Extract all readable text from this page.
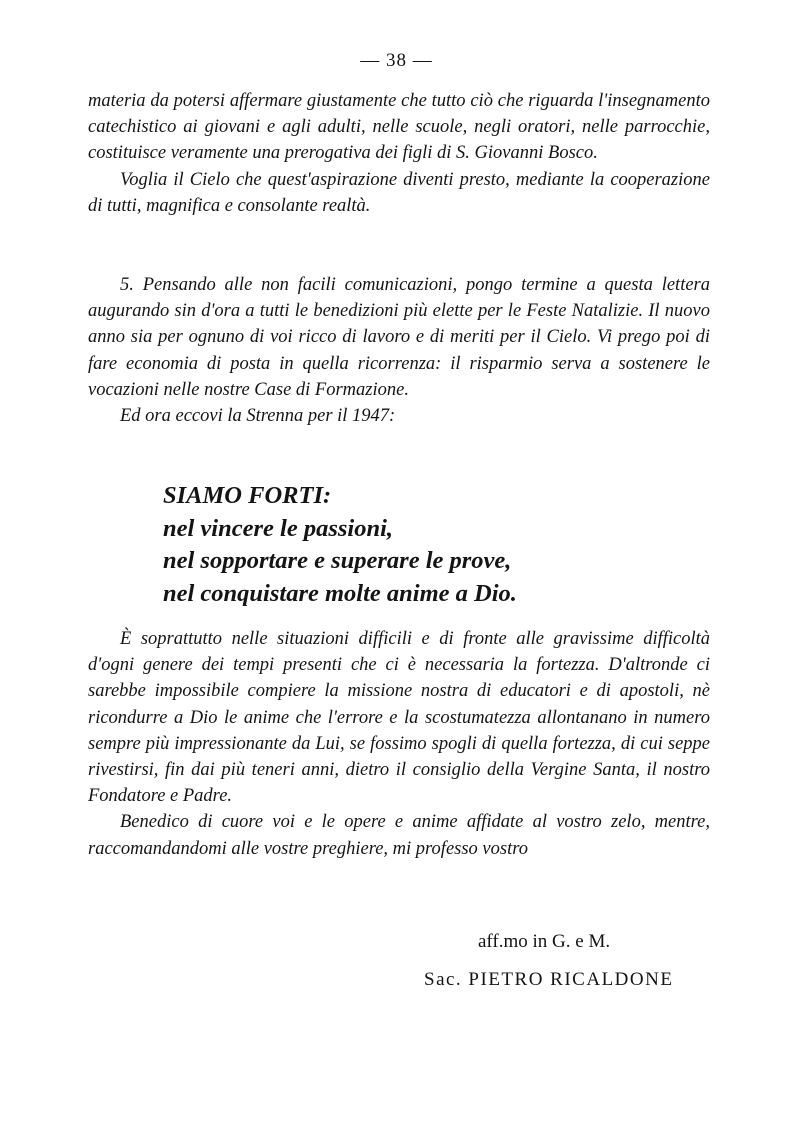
— 38 —

materia da potersi affermare giustamente che tutto ciò che riguarda l'insegnamento catechistico ai giovani e agli adulti, nelle scuole, negli oratori, nelle parrocchie, costituisce veramente una prerogativa dei figli di S. Giovanni Bosco.

Voglia il Cielo che quest'aspirazione diventi presto, mediante la cooperazione di tutti, magnifica e consolante realtà.

5. Pensando alle non facili comunicazioni, pongo termine a questa lettera augurando sin d'ora a tutti le benedizioni più elette per le Feste Natalizie. Il nuovo anno sia per ognuno di voi ricco di lavoro e di meriti per il Cielo. Vi prego poi di fare economia di posta in quella ricorrenza: il risparmio serva a sostenere le vocazioni nelle nostre Case di Formazione.

Ed ora eccovi la Strenna per il 1947:

SIAMO FORTI:
nel vincere le passioni,
nel sopportare e superare le prove,
nel conquistare molte anime a Dio.

È soprattutto nelle situazioni difficili e di fronte alle gravissime difficoltà d'ogni genere dei tempi presenti che ci è necessaria la fortezza. D'altronde ci sarebbe impossibile compiere la missione nostra di educatori e di apostoli, nè ricondurre a Dio le anime che l'errore e la scostumatezza allontanano in numero sempre più impressionante da Lui, se fossimo spogli di quella fortezza, di cui seppe rivestirsi, fin dai più teneri anni, dietro il consiglio della Vergine Santa, il nostro Fondatore e Padre.

Benedico di cuore voi e le opere e anime affidate al vostro zelo, mentre, raccomandandomi alle vostre preghiere, mi professo vostro

aff.mo in G. e M.
Sac. PIETRO RICALDONE
